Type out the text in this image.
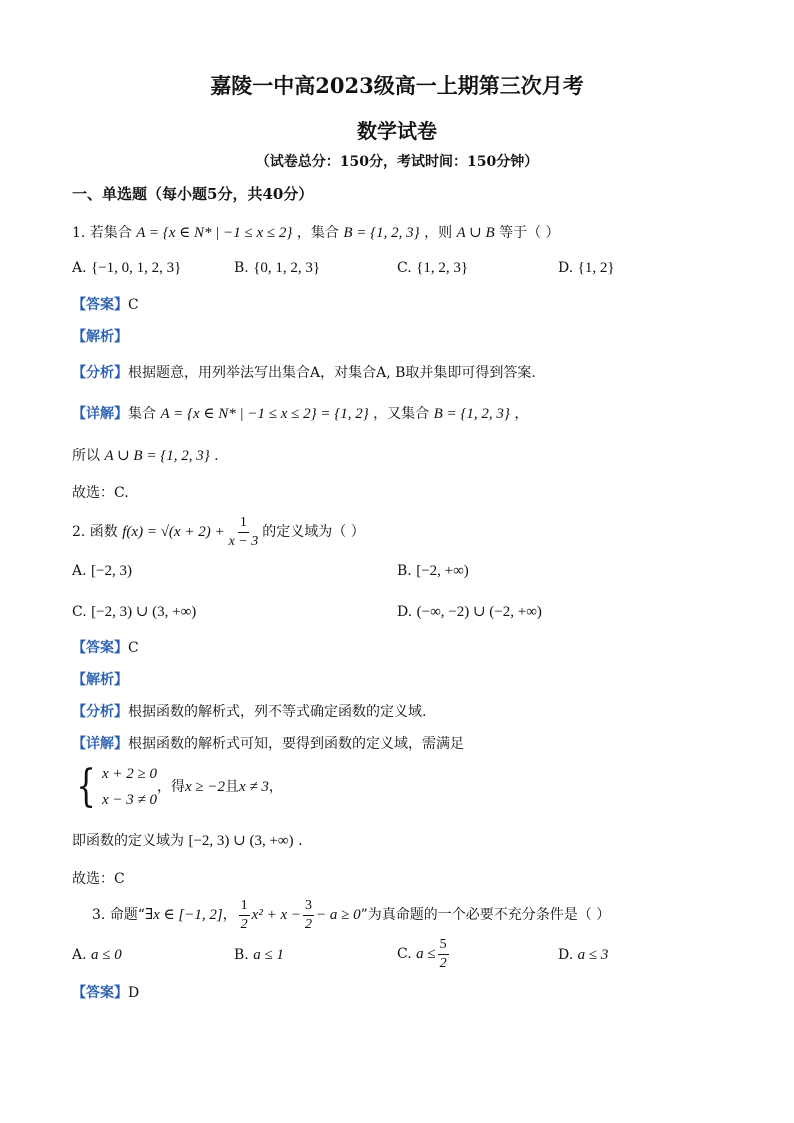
嘉陵一中高2023级高一上期第三次月考
数学试卷
（试卷总分：150分，考试时间：150分钟）
一、单选题（每小题5分，共40分）
1. 若集合 A = {x ∈ N* | −1 ≤ x ≤ 2} ，集合 B = {1, 2, 3} ，则 A ∪ B 等于（ ）
A. {−1, 0, 1, 2, 3}	B. {0, 1, 2, 3}	C. {1, 2, 3}	D. {1, 2}
【答案】C
【解析】
【分析】根据题意，用列举法写出集合A，对集合A, B取并集即可得到答案.
【详解】集合 A = {x ∈ N* | −1 ≤ x ≤ 2} = {1, 2} ，又集合 B = {1, 2, 3} ，
所以 A ∪ B = {1, 2, 3} .
故选：C.
2. 函数
$f(x) = √(x + 2) + \frac{1}{x - 3}$ 的定义域为（ ）
A. [−2, 3)	B. [−2, +∞)
C. [−2, 3) ∪ (3, +∞)	D. (−∞, −2) ∪ (−2, +∞)
【答案】C
【解析】
【分析】根据函数的解析式，列不等式确定函数的定义域.
【详解】根据函数的解析式可知，要得到函数的定义域，需满足
{ x + 2 ≥ 0
x − 3 ≠ 0
，得 x ≥ −2 且 x ≠ 3 ，
即函数的定义域为 [−2, 3) ∪ (3, +∞) .
故选：C
3. 命题“ ∃x ∈ [−1, 2] ， $\frac{1}{2} x^2 + x - \frac{3}{2} - a \ge 0$ ”为真命题的一个必要不充分条件是（ ）
A. a ≤ 0	B. a ≤ 1	C.
$a \le \frac{5}{2}$	D. a ≤ 3
【答案】D
